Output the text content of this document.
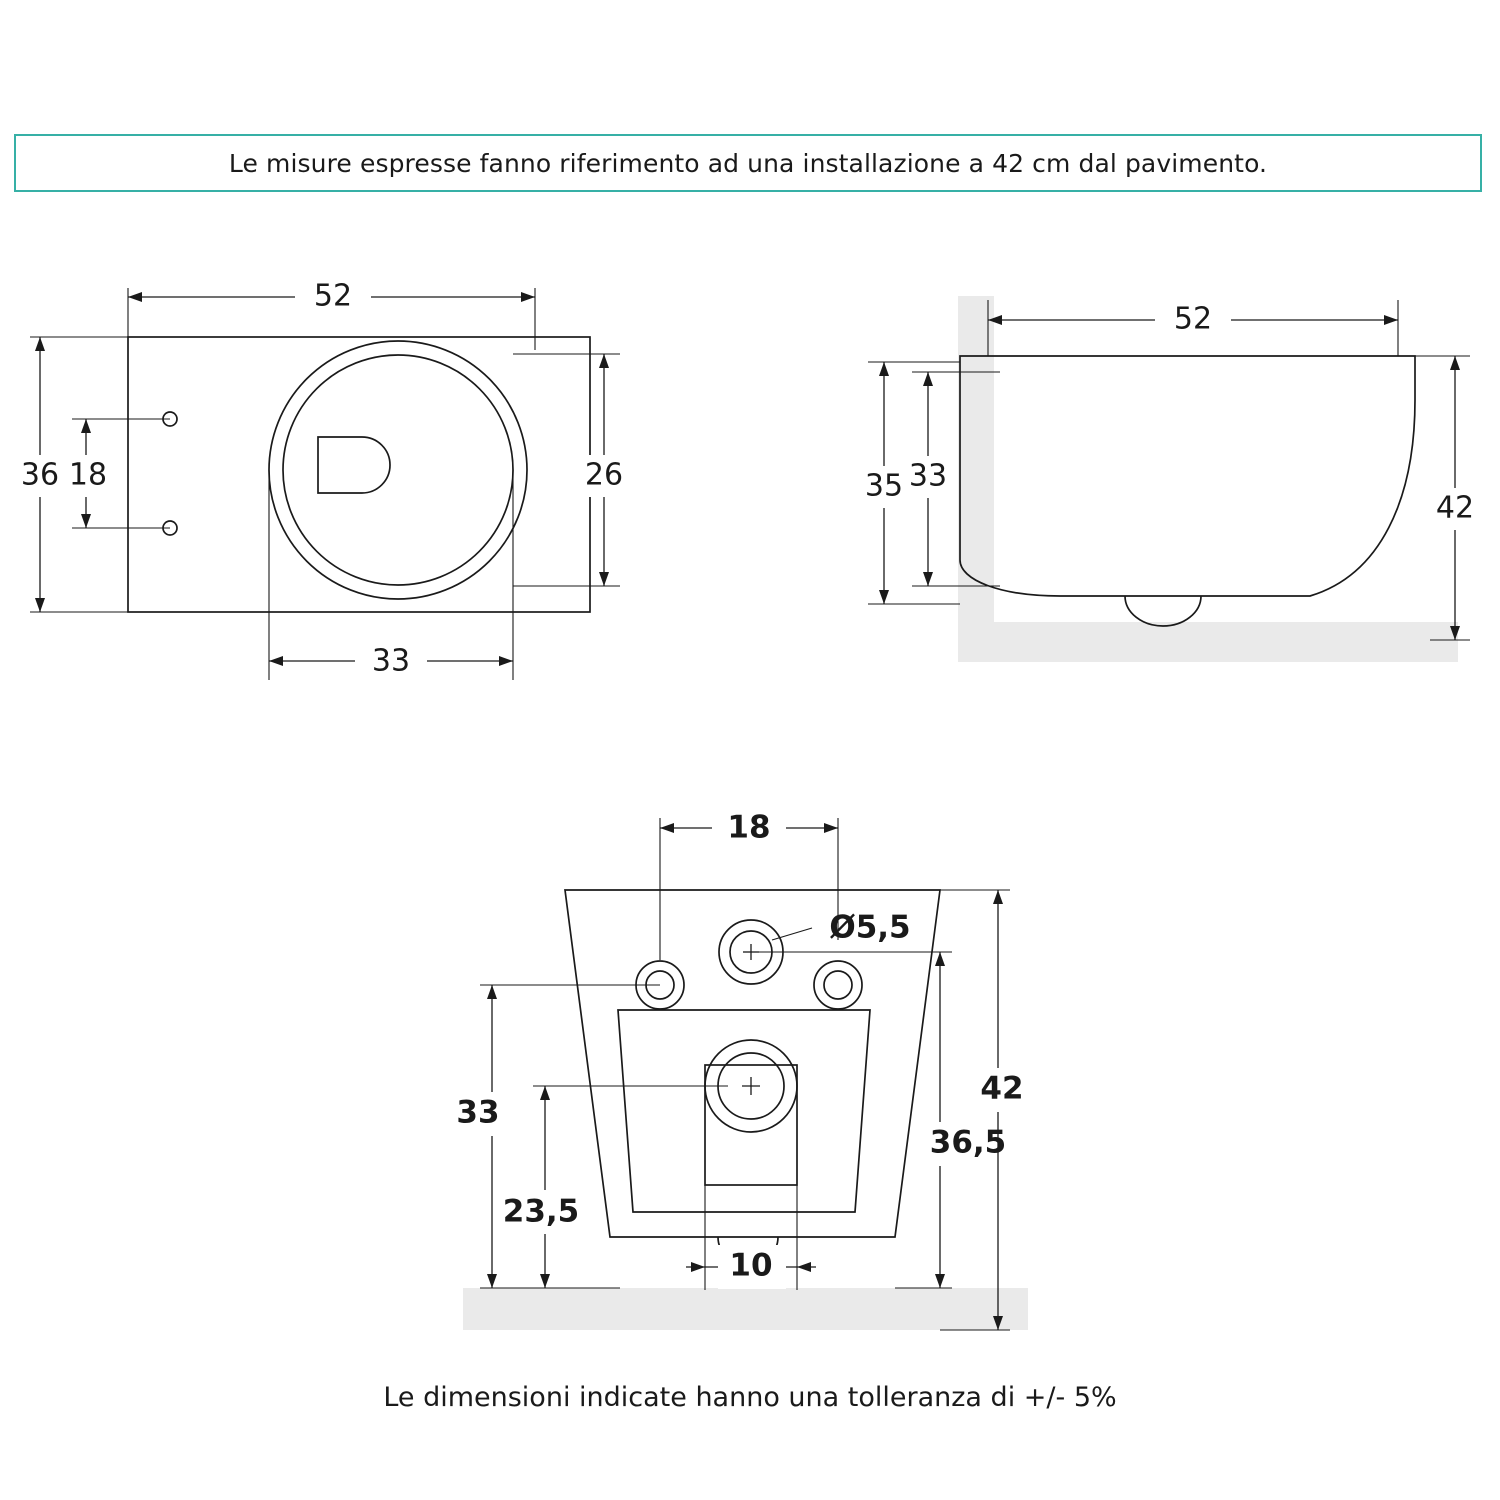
Le misure espresse fanno riferimento ad una installazione a 42 cm dal pavimento.
52
36 18	26
33
52
35 33
42
18
Ø5,5
33
23,5
10
36,5
42
Le dimensioni indicate hanno una tolleranza di +/- 5%
